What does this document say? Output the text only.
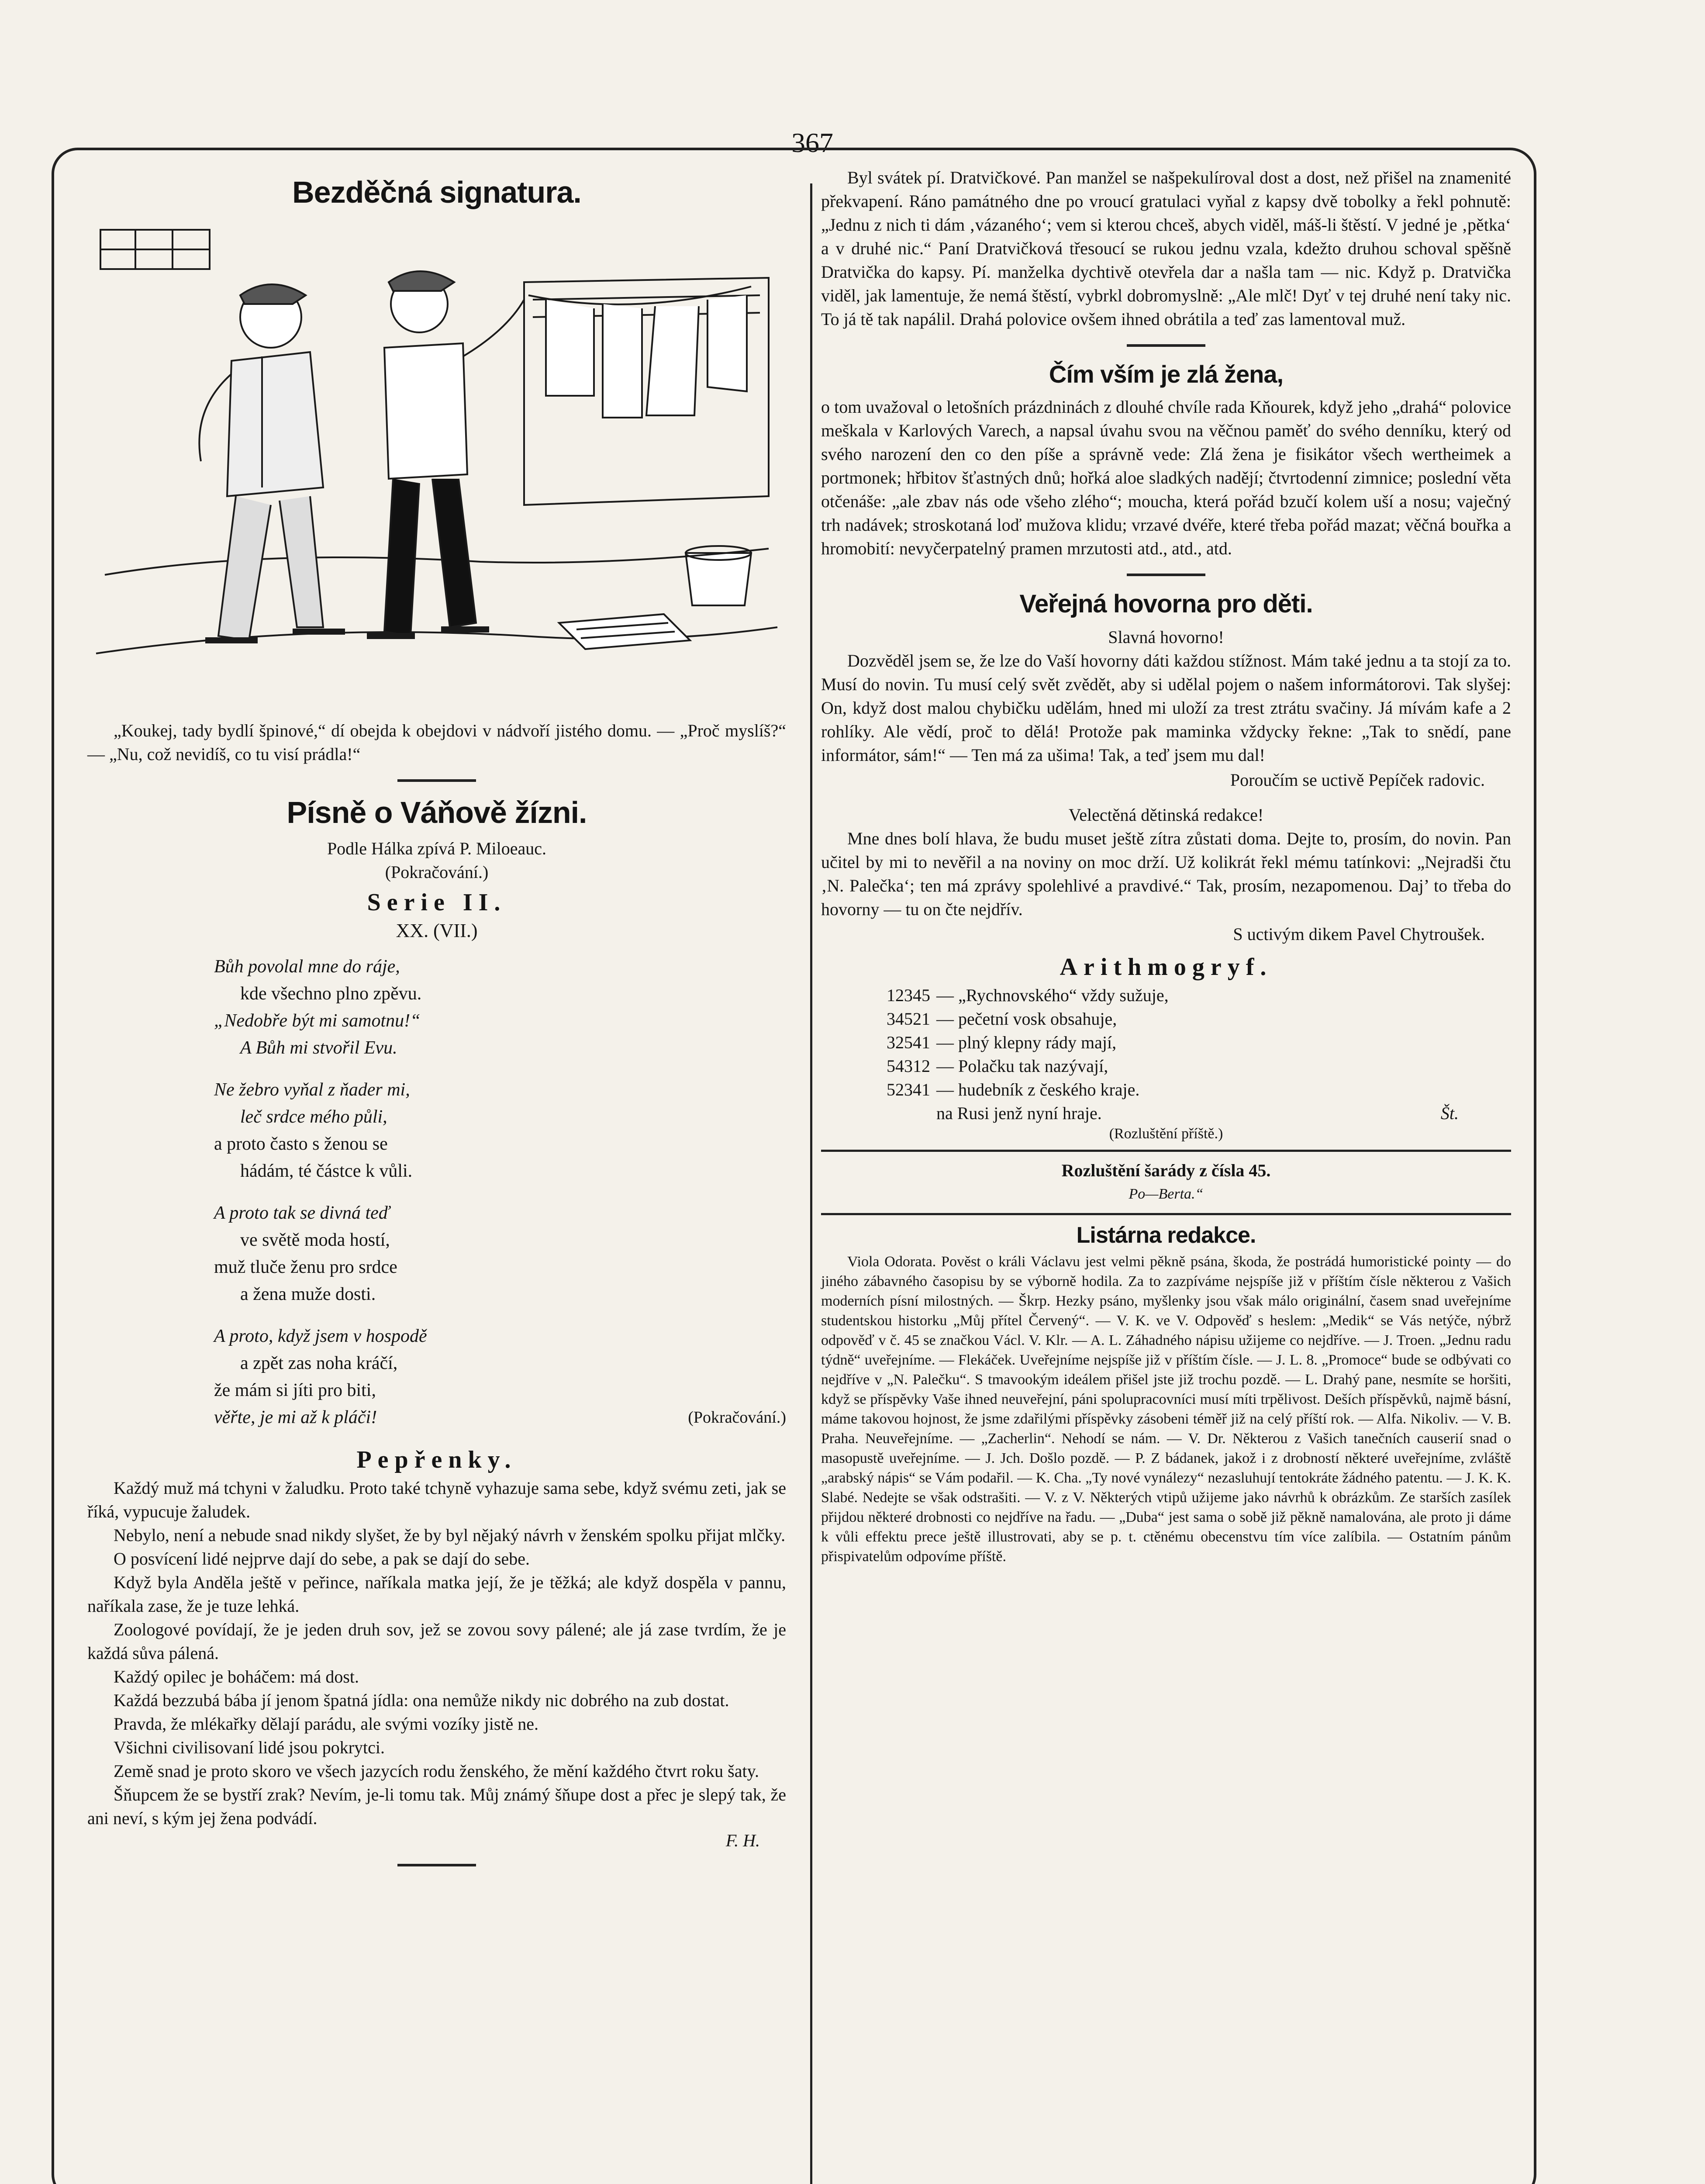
367
Bezděčná signatura.

„Koukej, tady bydlí špinové,“ dí obejda k obejdovi v nádvoří jistého domu. — „Proč myslíš?“ — „Nu, což nevidíš, co tu visí prádla!“

Písně o Váňově žízni.
Podle Hálka zpívá P. Miloeauc.
(Pokračování.)
Serie II.
XX. (VII.)
Bůh povolal mne do ráje,
kde všechno plno zpěvu.
„Nedobře být mi samotnu!“
A Bůh mi stvořil Evu.
Ne žebro vyňal z ňader mi,
leč srdce mého půli,
a proto často s ženou se
hádám, té částce k vůli.
A proto tak se divná teď
ve světě moda hostí,
muž tluče ženu pro srdce
a žena muže dosti.
A proto, když jsem v hospodě
a zpět zas noha kráčí,
že mám si jíti pro biti,
věřte, je mi až k pláči!	(Pokračování.)
Pepřenky.

Každý muž má tchyni v žaludku. Proto také tchyně vyhazuje sama sebe, když svému zeti, jak se říká, vypucuje žaludek.

Nebylo, není a nebude snad nikdy slyšet, že by byl nějaký návrh v ženském spolku přijat mlčky.

O posvícení lidé nejprve dají do sebe, a pak se dají do sebe.

Když byla Anděla ještě v peřince, naříkala matka její, že je těžká; ale když dospěla v pannu, naříkala zase, že je tuze lehká.

Zoologové povídají, že je jeden druh sov, jež se zovou sovy pálené; ale já zase tvrdím, že je každá sůva pálená.

Každý opilec je boháčem: má dost.

Každá bezzubá bába jí jenom špatná jídla: ona nemůže nikdy nic dobrého na zub dostat.

Pravda, že mlékařky dělají parádu, ale svými vozíky jistě ne.

Všichni civilisovaní lidé jsou pokrytci.

Země snad je proto skoro ve všech jazycích rodu ženského, že mění každého čtvrt roku šaty.

Šňupcem že se bystří zrak? Nevím, je-li tomu tak. Můj známý šňupe dost a přec je slepý tak, že ani neví, s kým jej žena podvádí.

F. H.

Byl svátek pí. Dratvičkové. Pan manžel se našpekulíroval dost a dost, než přišel na znamenité překvapení. Ráno památného dne po vroucí gratulaci vyňal z kapsy dvě tobolky a řekl pohnutě: „Jednu z nich ti dám ‚vázaného‘; vem si kterou chceš, abych viděl, máš-li štěstí. V jedné je ‚pětka‘ a v druhé nic.“ Paní Dratvičková třesoucí se rukou jednu vzala, kdežto druhou schoval spěšně Dratvička do kapsy. Pí. manželka dychtivě otevřela dar a našla tam — nic. Když p. Dratvička viděl, jak lamentuje, že nemá štěstí, vybrkl dobromyslně: „Ale mlč! Dyť v tej druhé není taky nic. To já tě tak napálil. Drahá polovice ovšem ihned obrátila a teď zas lamentoval muž.

Čím vším je zlá žena,

o tom uvažoval o letošních prázdninách z dlouhé chvíle rada Kňourek, když jeho „drahá“ polovice meškala v Karlových Varech, a napsal úvahu svou na věčnou paměť do svého denníku, který od svého narození den co den píše a správně vede: Zlá žena je fisikátor všech wertheimek a portmonek; hřbitov šťastných dnů; hořká aloe sladkých nadějí; čtvrtodenní zimnice; poslední věta otčenáše: „ale zbav nás ode všeho zlého“; moucha, která pořád bzučí kolem uší a nosu; vaječný trh nadávek; stroskotaná loď mužova klidu; vrzavé dvéře, které třeba pořád mazat; věčná bouřka a hromobití: nevyčerpatelný pramen mrzutosti atd., atd., atd.

Veřejná hovorna pro děti.
Slavná hovorno!

Dozvěděl jsem se, že lze do Vaší hovorny dáti každou stížnost. Mám také jednu a ta stojí za to. Musí do novin. Tu musí celý svět zvědět, aby si udělal pojem o našem informátorovi. Tak slyšej: On, když dost malou chybičku udělám, hned mi uloží za trest ztrátu svačiny. Já mívám kafe a 2 rohlíky. Ale vědí, proč to dělá! Protože pak maminka vždycky řekne: „Tak to snědí, pane informátor, sám!“ — Ten má za ušima! Tak, a teď jsem mu dal!

Poroučím se uctivě Pepíček radovic.
Velectěná dětinská redakce!

Mne dnes bolí hlava, že budu muset ještě zítra zůstati doma. Dejte to, prosím, do novin. Pan učitel by mi to nevěřil a na noviny on moc drží. Už kolikrát řekl mému tatínkovi: „Nejradši čtu ‚N. Palečka‘; ten má zprávy spolehlivé a pravdivé.“ Tak, prosím, nezapomenou. Daj’ to třeba do hovorny — tu on čte nejdřív.

S uctivým dikem Pavel Chytroušek.
Arithmogryf.
12345 — „Rychnovského“ vždy sužuje,
34521 — pečetní vosk obsahuje,
32541 — plný klepny rády mají,
54312 — Polačku tak nazývají,
52341 — hudebník z českého kraje.
na Rusi jenž nyní hraje.	Št.
(Rozluštění příště.)
Rozluštění šarády z čísla 45.
Po—Berta.“
Listárna redakce.

Viola Odorata. Pověst o králi Václavu jest velmi pěkně psána, škoda, že postrádá humoristické pointy — do jiného zábavného časopisu by se výborně hodila. Za to zazpíváme nejspíše již v příštím čísle některou z Vašich moderních písní milostných. — Škrp. Hezky psáno, myšlenky jsou však málo originální, časem snad uveřejníme studentskou historku „Můj přítel Červený“. — V. K. ve V. Odpověď s heslem: „Medik“ se Vás netýče, nýbrž odpověď v č. 45 se značkou Václ. V. Klr. — A. L. Záhadného nápisu užijeme co nejdříve. — J. Troen. „Jednu radu týdně“ uveřejníme. — Flekáček. Uveřejníme nejspíše již v příštím čísle. — J. L. 8. „Promoce“ bude se odbývati co nejdříve v „N. Palečku“. S tmavookým ideálem přišel jste již trochu pozdě. — L. Drahý pane, nesmíte se horšiti, když se příspěvky Vaše ihned neuveřejní, páni spolupracovníci musí míti trpělivost. Deších příspěvků, najmě básní, máme takovou hojnost, že jsme zdařilými příspěvky zásobeni téměř již na celý příští rok. — Alfa. Nikoliv. — V. B. Praha. Neuveřejníme. — „Zacherlin“. Nehodí se nám. — V. Dr. Některou z Vašich tanečních causerií snad o masopustě uveřejníme. — J. Jch. Došlo pozdě. — P. Z bádanek, jakož i z drobností některé uveřejníme, zvláště „arabský nápis“ se Vám podařil. — K. Cha. „Ty nové vynálezy“ nezasluhují tentokráte žádného patentu. — J. K. K. Slabé. Nedejte se však odstrašiti. — V. z V. Některých vtipů užijeme jako návrhů k obrázkům. Ze starších zasílek přijdou některé drobnosti co nejdříve na řadu. — „Duba“ jest sama o sobě již pěkně namalována, ale proto ji dáme k vůli effektu prece ještě illustrovati, aby se p. t. ctěnému obecenstvu tím více zalíbila. — Ostatním pánům přispivatelům odpovíme příště.
